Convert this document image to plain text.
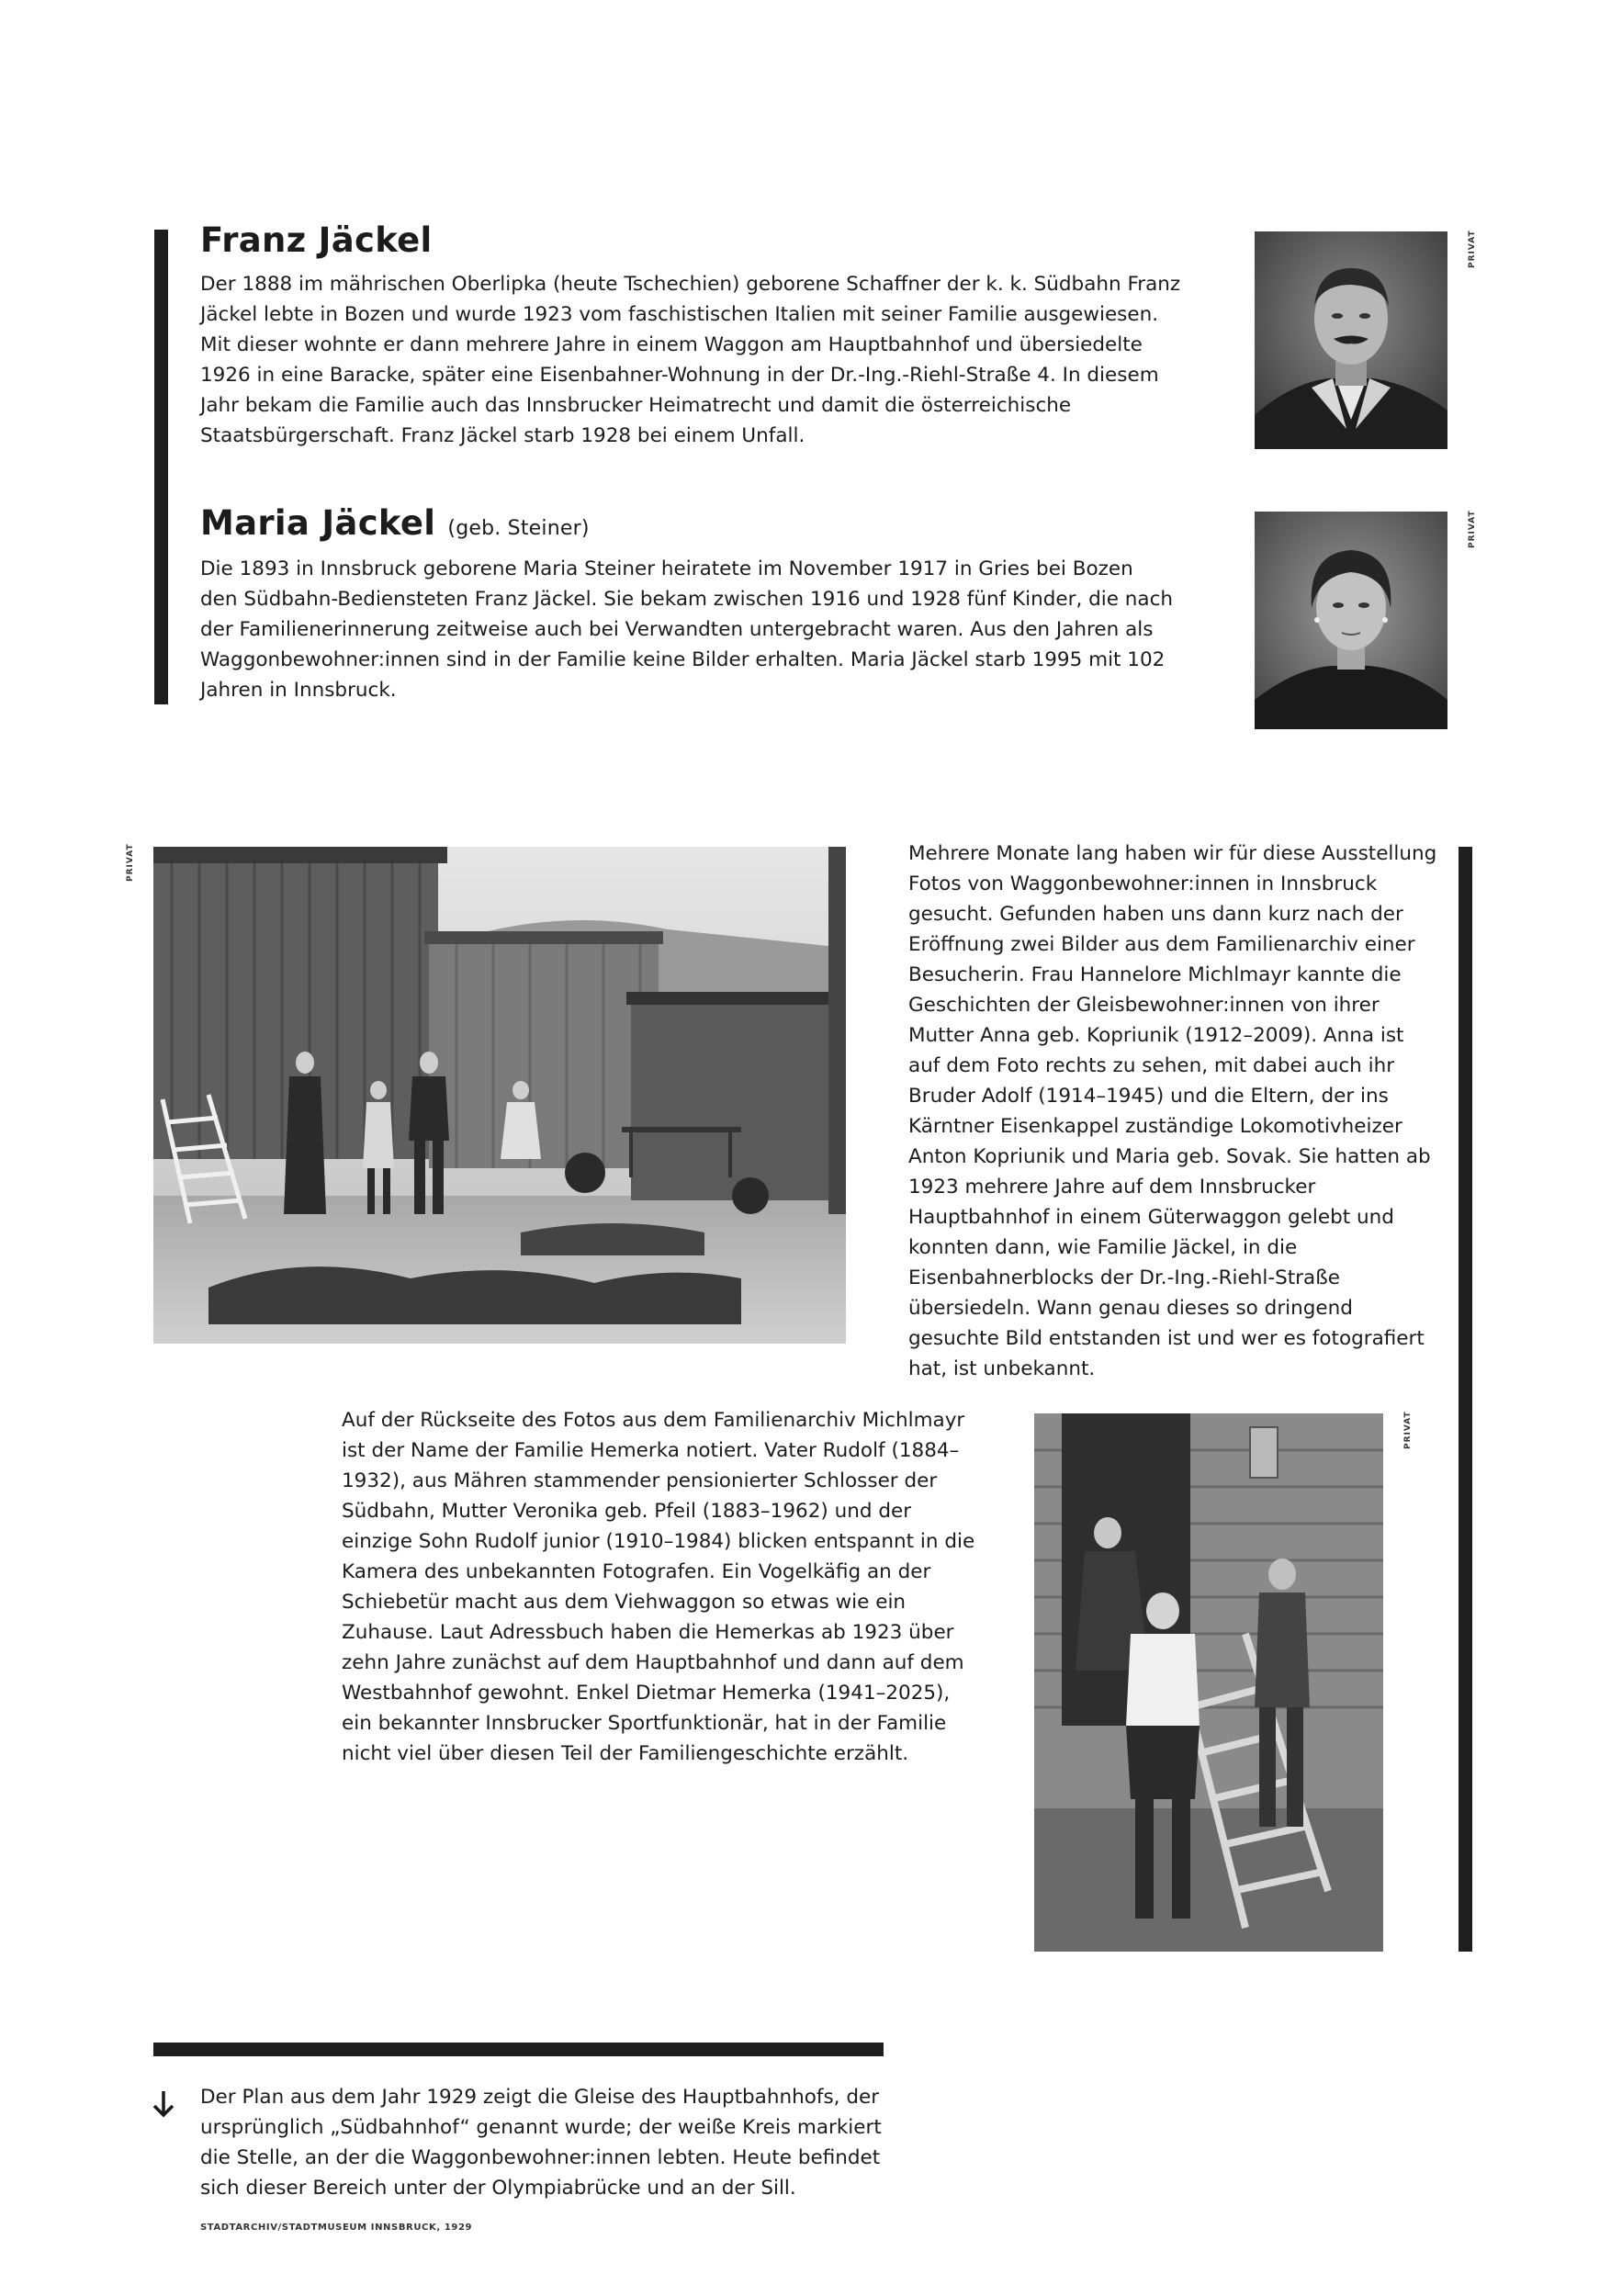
Franz Jäckel

Der 1888 im mährischen Oberlipka (heute Tschechien) geborene Schaffner der k. k. Südbahn Franz Jäckel lebte in Bozen und wurde 1923 vom faschistischen Italien mit seiner Familie ausgewiesen. Mit dieser wohnte er dann mehrere Jahre in einem Waggon am Hauptbahnhof und übersiedelte 1926 in eine Baracke, später eine Eisenbahner-Wohnung in der Dr.-Ing.-Riehl-Straße 4. In diesem Jahr bekam die Familie auch das Innsbrucker Heimatrecht und damit die österreichische Staatsbürgerschaft. Franz Jäckel starb 1928 bei einem Unfall.

Maria Jäckel (geb. Steiner)

Die 1893 in Innsbruck geborene Maria Steiner heiratete im November 1917 in Gries bei Bozen den Südbahn-Bediensteten Franz Jäckel. Sie bekam zwischen 1916 und 1928 fünf Kinder, die nach der Familienerinnerung zeitweise auch bei Verwandten untergebracht waren. Aus den Jahren als Waggonbewohner:innen sind in der Familie keine Bilder erhalten. Maria Jäckel starb 1995 mit 102 Jahren in Innsbruck.

PRIVAT
PRIVAT
PRIVAT	Mehrere Monate lang haben wir für diese Ausstellung Fotos von Waggonbewohner:innen in Innsbruck gesucht. Gefunden haben uns dann kurz nach der Eröffnung zwei Bilder aus dem Familienarchiv einer Besucherin. Frau Hannelore Michlmayr kannte die Geschichten der Gleisbewohner:innen von ihrer Mutter Anna geb. Kopriunik (1912–2009). Anna ist auf dem Foto rechts zu sehen, mit dabei auch ihr Bruder Adolf (1914–1945) und die Eltern, der ins Kärntner Eisenkappel zuständige Lokomotivheizer Anton Kopriunik und Maria geb. Sovak. Sie hatten ab 1923 mehrere Jahre auf dem Innsbrucker Hauptbahnhof in einem Güterwaggon gelebt und konnten dann, wie Familie Jäckel, in die Eisenbahnerblocks der Dr.-Ing.-Riehl-Straße übersiedeln. Wann genau dieses so dringend gesuchte Bild entstanden ist und wer es fotografiert hat, ist unbekannt.

Auf der Rückseite des Fotos aus dem Familienarchiv Michlmayr ist der Name der Familie Hemerka notiert. Vater Rudolf (1884–1932), aus Mähren stammender pensionierter Schlosser der Südbahn, Mutter Veronika geb. Pfeil (1883–1962) und der einzige Sohn Rudolf junior (1910–1984) blicken entspannt in die Kamera des unbekannten Fotografen. Ein Vogelkäfig an der Schiebetür macht aus dem Viehwaggon so etwas wie ein Zuhause. Laut Adressbuch haben die Hemerkas ab 1923 über zehn Jahre zunächst auf dem Hauptbahnhof und dann auf dem Westbahnhof gewohnt. Enkel Dietmar Hemerka (1941–2025), ein bekannter Innsbrucker Sportfunktionär, hat in der Familie nicht viel über diesen Teil der Familiengeschichte erzählt.

PRIVAT

Der Plan aus dem Jahr 1929 zeigt die Gleise des Hauptbahnhofs, der ursprünglich „Südbahnhof“ genannt wurde; der weiße Kreis markiert die Stelle, an der die Waggonbewohner:innen lebten. Heute befindet sich dieser Bereich unter der Olympiabrücke und an der Sill.

STADTARCHIV/STADTMUSEUM INNSBRUCK, 1929
